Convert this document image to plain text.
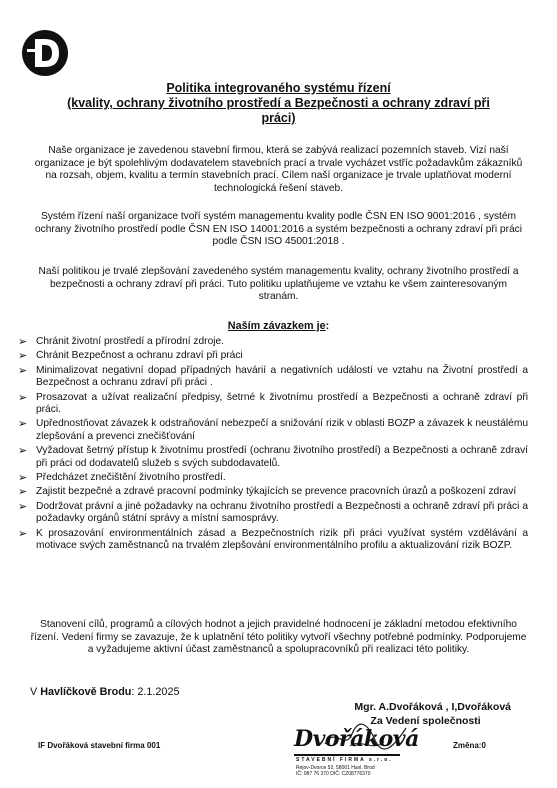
Politika integrovaného systému řízení
(kvality, ochrany životního prostředí a Bezpečnosti a ochrany zdraví při
práci)
Naše organizace je zavedenou stavební firmou, která se zabývá realizací pozemních staveb. Vizí naší organizace je být spolehlivým dodavatelem stavebních prací a trvale vycházet vstříc požadavkům zákazníků na rozsah, objem, kvalitu a termín stavebních prací. Cílem naší organizace je trvale uplatňovat moderní technologická řešení staveb.
Systém řízení naší organizace tvoří systém managementu kvality podle ČSN EN ISO 9001:2016 , systém ochrany životního prostředí podle ČSN EN ISO 14001:2016 a systém bezpečnosti a ochrany zdraví při práci podle ČSN ISO 45001:2018 .
Naší politikou je trvalé zlepšování zavedeného systém managementu kvality, ochrany životního prostředí a bezpečnosti a ochrany zdraví při práci. Tuto politiku uplatňujeme ve vztahu ke všem zainteresovaným stranám.
Naším závazkem je:
➢ Chránit životní prostředí a přírodní zdroje.
➢ Chránit Bezpečnost a ochranu zdraví při práci
➢ Minimalizovat negativní dopad případných havárií a negativních událostí ve vztahu na Životní prostředí a Bezpečnost a ochranu zdraví při práci .
➢ Prosazovat a užívat realizační předpisy, šetrné k životnímu prostředí a Bezpečnosti a ochraně zdraví při práci.
➢ Upřednostňovat závazek k odstraňování nebezpečí a snižování rizik v oblasti BOZP a závazek k neustálému zlepšování a prevenci znečišťování
➢ Vyžadovat šetrný přístup k životnímu prostředí (ochranu životního prostředí) a Bezpečnosti a ochraně zdraví při práci od dodavatelů služeb s svých subdodavatelů.
➢ Předcházet znečištění životního prostředí.
➢ Zajistit bezpečné a zdravé pracovní podmínky týkajících se prevence pracovních úrazů a poškození zdraví
➢ Dodržovat právní a jiné požadavky na ochranu životního prostředí a Bezpečnosti a ochraně zdraví při práci a požadavky orgánů státní správy a místní samosprávy.
➢ K prosazování environmentálních zásad a Bezpečnostních rizik při práci využívat systém vzdělávání a motivace svých zaměstnanců na trvalém zlepšování environmentálního profilu a aktualizování rizik BOZP.
Stanovení cílů, programů a cílových hodnot a jejich pravidelné hodnocení je základní metodou efektivního řízení. Vedení firmy se zavazuje, že k uplatnění této politiky vytvoří všechny potřebné podmínky. Podporujeme a vyžadujeme aktivní účast zaměstnanců a spolupracovníků při realizaci této politiky.
V Havlíčkově Brodu: 2.1.2025
Mgr. A.Dvořáková , I,Dvořáková
Za Vedení společnosti
Dvořáková
STAVEBNÍ FIRMA s.r.o.
Rejov-Dvorce 52, 58001 Havl. Brod
IČ: 087 76 370 DIČ: CZ08776370
IF Dvořáková stavební firma 001	Změna:0
